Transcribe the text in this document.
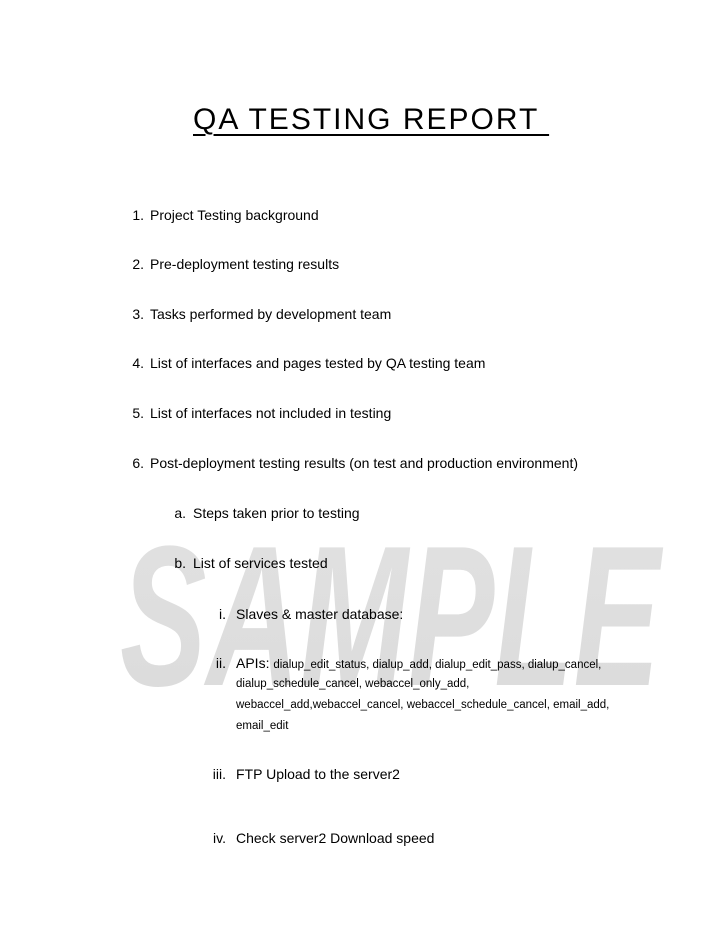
QA TESTING REPORT
SAMPLE
1. Project Testing background
2. Pre-deployment testing results
3. Tasks performed by development team
4. List of interfaces and pages tested by QA testing team
5. List of interfaces not included in testing
6. Post-deployment testing results (on test and production environment)
a. Steps taken prior to testing
b. List of services tested
i. Slaves & master database:
ii. APIs: dialup_edit_status, dialup_add, dialup_edit_pass, dialup_cancel,
dialup_schedule_cancel, webaccel_only_add,
webaccel_add,webaccel_cancel, webaccel_schedule_cancel, email_add,
email_edit
iii. FTP Upload to the server2
iv. Check server2 Download speed
